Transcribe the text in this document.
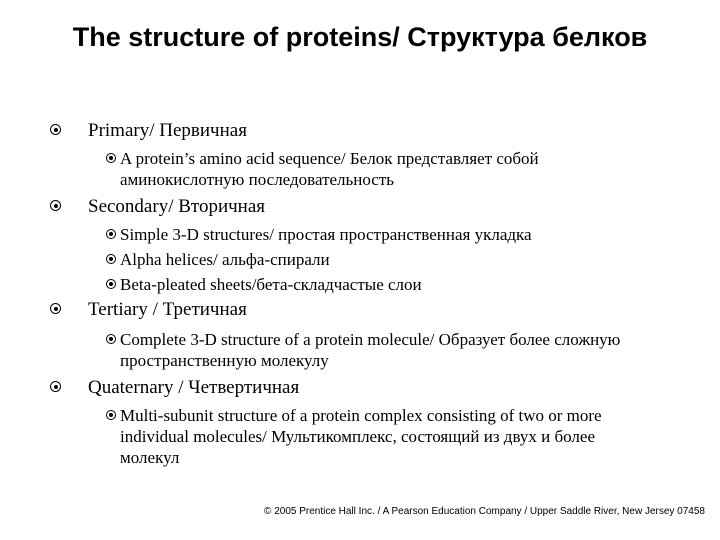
The structure of proteins/ Структура белков
Primary/ Первичная
A protein’s amino acid sequence/ Белок представляет собой аминокислотную последовательность
Secondary/ Вторичная
Simple 3-D structures/ простая пространственная укладка
Alpha helices/ альфа-спирали
Beta-pleated sheets/бета-складчастые слои
Tertiary / Третичная
Complete 3-D structure of a protein molecule/ Образует более сложную пространственную молекулу
Quaternary / Четвертичная
Multi-subunit structure of a protein complex consisting of two or more individual molecules/ Мультикомплекс, состоящий из двух и более молекул
© 2005 Prentice Hall Inc. / A Pearson Education Company / Upper Saddle River, New Jersey 07458
